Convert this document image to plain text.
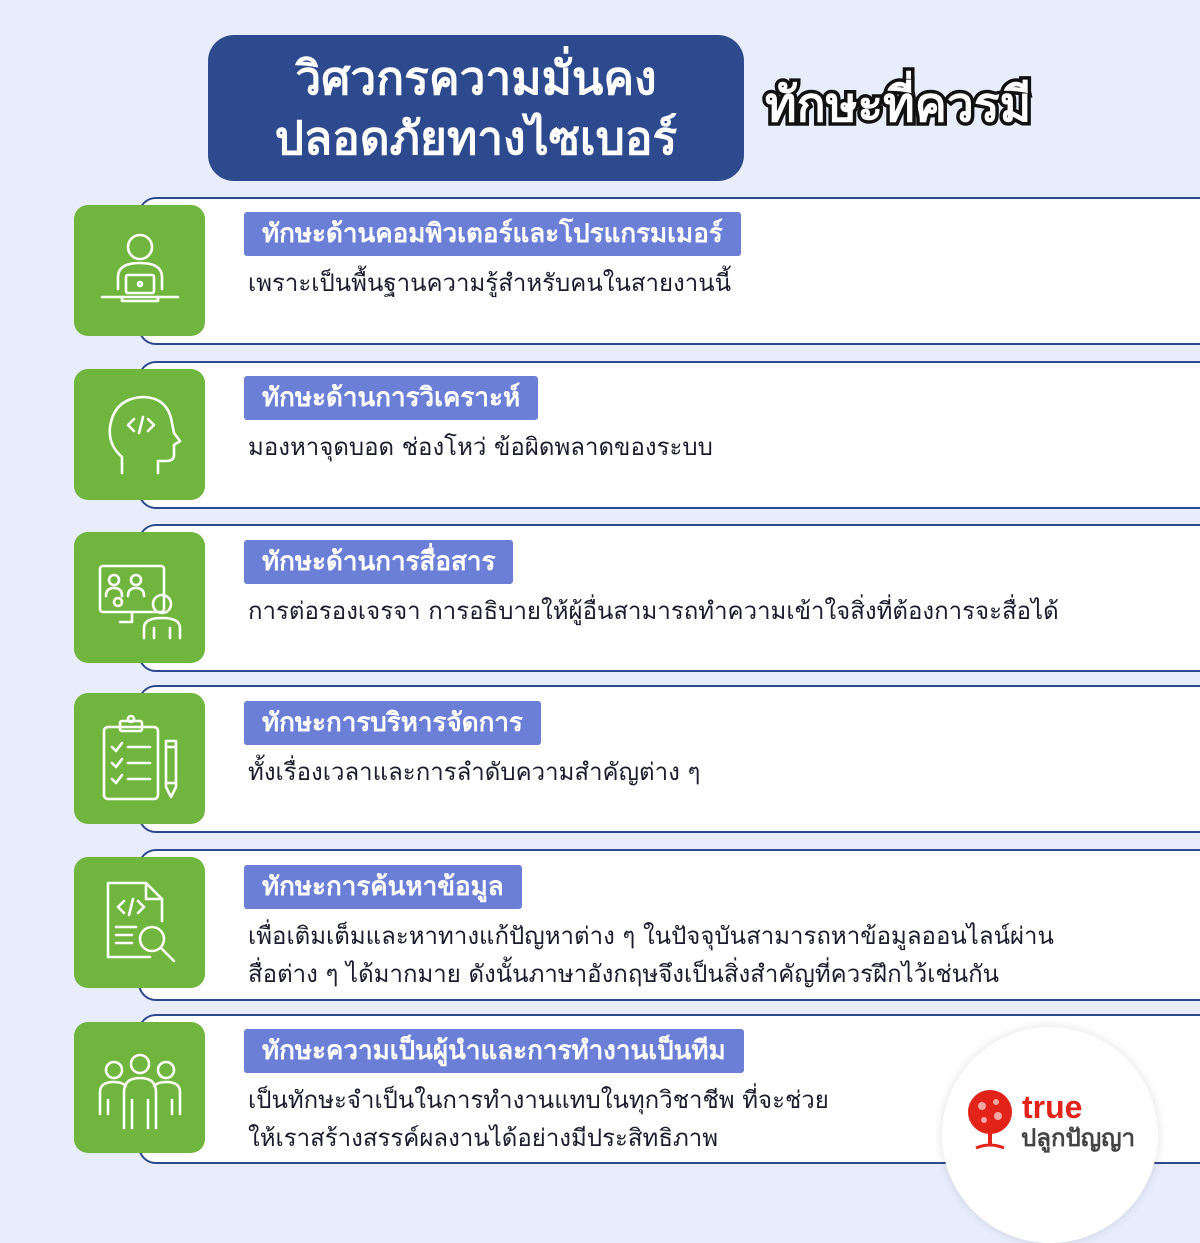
วิศวกรความมั่นคง
ปลอดภัยทางไซเบอร์
ทักษะที่ควรมี
ทักษะด้านคอมพิวเตอร์และโปรแกรมเมอร์
เพราะเป็นพื้นฐานความรู้สำหรับคนในสายงานนี้
ทักษะด้านการวิเคราะห์
มองหาจุดบอด ช่องโหว่ ข้อผิดพลาดของระบบ
ทักษะด้านการสื่อสาร
การต่อรองเจรจา การอธิบายให้ผู้อื่นสามารถทำความเข้าใจสิ่งที่ต้องการจะสื่อได้
ทักษะการบริหารจัดการ
ทั้งเรื่องเวลาและการลำดับความสำคัญต่าง ๆ
ทักษะการค้นหาข้อมูล
เพื่อเติมเต็มและหาทางแก้ปัญหาต่าง ๆ ในปัจจุบันสามารถหาข้อมูลออนไลน์ผ่าน
สื่อต่าง ๆ ได้มากมาย ดังนั้นภาษาอังกฤษจึงเป็นสิ่งสำคัญที่ควรฝึกไว้เช่นกัน
ทักษะความเป็นผู้นำและการทำงานเป็นทีม
เป็นทักษะจำเป็นในการทำงานแทบในทุกวิชาชีพ ที่จะช่วย
ให้เราสร้างสรรค์ผลงานได้อย่างมีประสิทธิภาพ
true
ปลูกปัญญา
